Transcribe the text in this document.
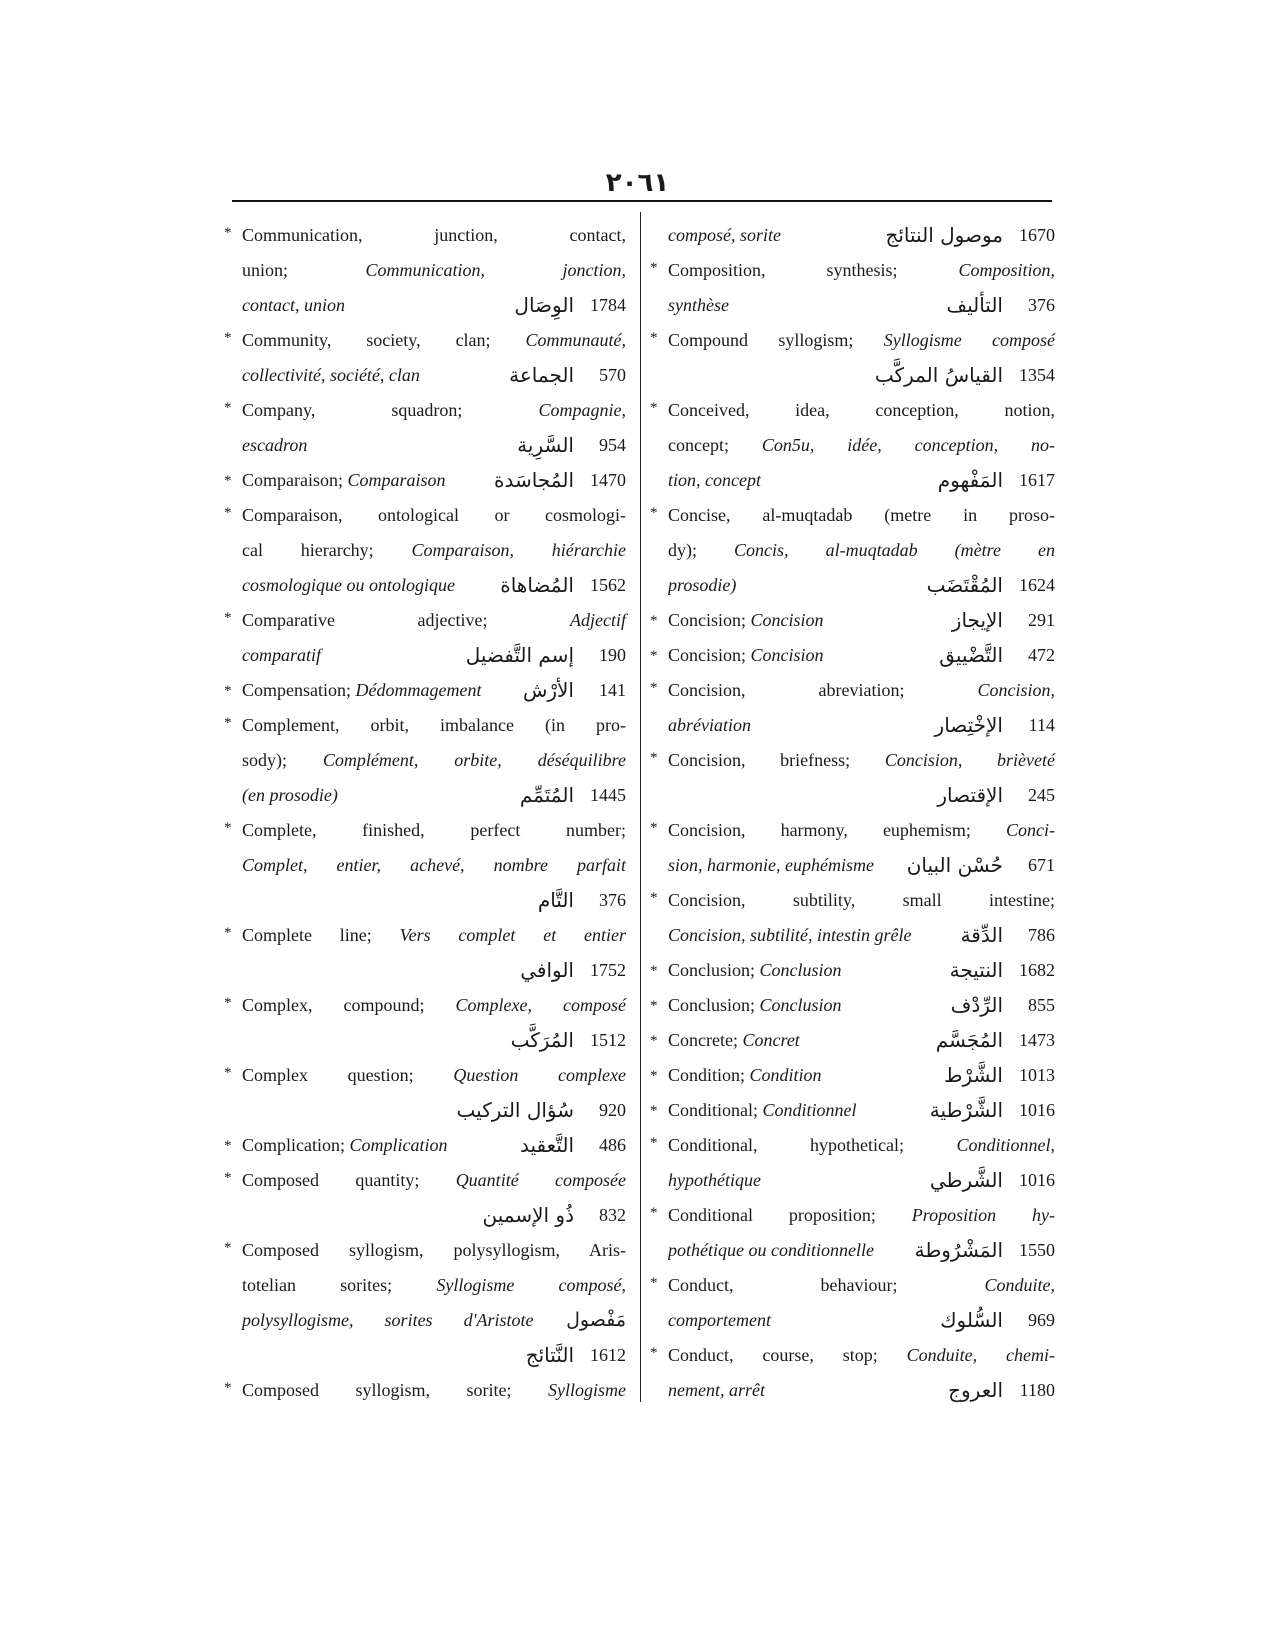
٢٠٦١
* Communication, junction, contact,
union; Communication, jonction,
contact, union	الوِصَال 1784
* Community, society, clan; Communauté,
collectivité, société, clan	الجماعة	570
* Company, squadron; Compagnie,
escadron	السَّرِية	954
* Comparaison; Comparaison	المُجاسَدة 1470
* Comparaison, ontological or cosmologi-
cal hierarchy; Comparaison, hiérarchie
cosmologique ou ontologique	المُضاهاة 1562
* Comparative adjective; Adjectif
comparatif	إسم التَّفضيل	190
* Compensation; Dédommagement	الأرْش	141
* Complement, orbit, imbalance (in pro-
sody); Complément, orbite, déséquilibre
(en prosodie)	المُتَمِّم 1445
* Complete, finished, perfect number;
Complet, entier, achevé, nombre parfait
التَّام	376
* Complete line; Vers complet et entier
الوافي 1752
* Complex, compound; Complexe, composé
المُرَكَّب 1512
* Complex question; Question complexe
سُؤال التركيب	920
* Complication; Complication	التَّعقيد	486
* Composed quantity; Quantité composée
ذُو الإسمين	832
* Composed syllogism, polysyllogism, Aris-
totelian sorites; Syllogisme composé,
polysyllogisme, sorites d'Aristote مَفْصول
النَّتائج 1612
* Composed syllogism, sorite; Syllogisme
composé, sorite	موصول النتائج 1670
* Composition, synthesis; Composition,
synthèse	التأليف	376
* Compound syllogism; Syllogisme composé
القياسُ المركَّب 1354
* Conceived, idea, conception, notion,
concept; Con5u, idée, conception, no-
tion, concept	المَفْهوم 1617
* Concise, al-muqtadab (metre in proso-
dy); Concis, al-muqtadab (mètre en
prosodie)	المُقْتَضَب 1624
* Concision; Concision	الإيجاز	291
* Concision; Concision	التَّضْييق	472
* Concision, abreviation; Concision,
abréviation	الإخْتِصار	114
* Concision, briefness; Concision, brièveté
الإقتصار	245
* Concision, harmony, euphemism; Conci-
sion, harmonie, euphémisme	حُسْن البيان	671
* Concision, subtility, small intestine;
Concision, subtilité, intestin grêle	الدِّقة	786
* Conclusion; Conclusion	النتيجة 1682
* Conclusion; Conclusion	الرِّدْف	855
* Concrete; Concret	المُجَسَّم 1473
* Condition; Condition	الشَّرْط 1013
* Conditional; Conditionnel	الشَّرْطية 1016
* Conditional, hypothetical; Conditionnel,
hypothétique	الشَّرطي 1016
* Conditional proposition; Proposition hy-
pothétique ou conditionnelle	المَشْرُوطة 1550
* Conduct, behaviour; Conduite,
comportement	السُّلوك	969
* Conduct, course, stop; Conduite, chemi-
nement, arrêt	العروج 1180
